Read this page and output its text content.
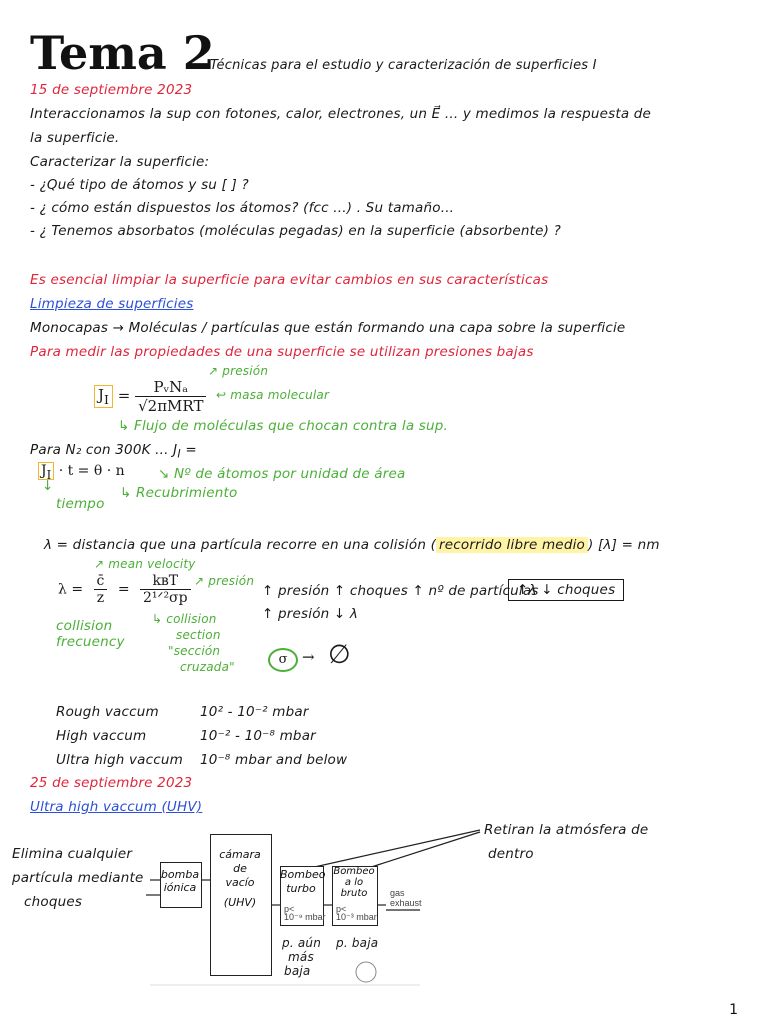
Tema 2
Técnicas para el estudio y caracterización de superficies I
15 de septiembre 2023
Interaccionamos la sup con fotones, calor, electrones, un E⃗ ... y medimos la respuesta de
la superficie.
Caracterizar la superficie:
- ¿Qué tipo de átomos y su [ ] ?
- ¿ cómo están dispuestos los átomos? (fcc ...) . Su tamaño...
- ¿ Tenemos absorbatos (moléculas pegadas) en la superficie (absorbente) ?
Es esencial limpiar la superficie para evitar cambios en sus características
Limpieza de superficies
Monocapas → Moléculas / partículas que están formando una capa sobre la superficie
Para medir las propiedades de una superficie se utilizan presiones bajas
↗ presión
$J_I = \frac{\text{PᵥNₐ}}{\text{√2πMRT}}$ ↩ masa molecular
↳ Flujo de moléculas que chocan contra la sup.
Para N₂ con 300K ... $J_I$ =
$J_I \cdot t = \theta \cdot n$ ↘ Nº de átomos por unidad de área
↓	↳ Recubrimiento
tiempo
λ = distancia que una partícula recorre en una colisión ( recorrido libre medio ) [λ] = nm
↗ mean velocity
$\lambda = \frac{c̄}{z} = \frac{\text{kʙT}}{\text{2¹ᐟ²σp}}$ ↗ presión
↑ presión ↑ choques ↑ nº de partículas
↑ presión ↓ λ
↑λ ↓ choques
collision
frecuency
↳ collision
section
"sección
cruzada"	σ → ∅
Rough vaccum	10² - 10⁻² mbar
High vaccum	10⁻² - 10⁻⁸ mbar
Ultra high vaccum 10⁻⁸ mbar and below
25 de septiembre 2023
Ultra high vaccum (UHV)
Elimina cualquier
partícula mediante
choques
Retiran la atmósfera de
dentro
bomba iónica
cámara
de
vacío
(UHV)
Bombeo
turbo
p<
10⁻⁹ mbar
Bombeo
a lo
bruto
p<
10⁻³ mbar
gas
exhaust
p. aún
más
baja
p. baja
1
